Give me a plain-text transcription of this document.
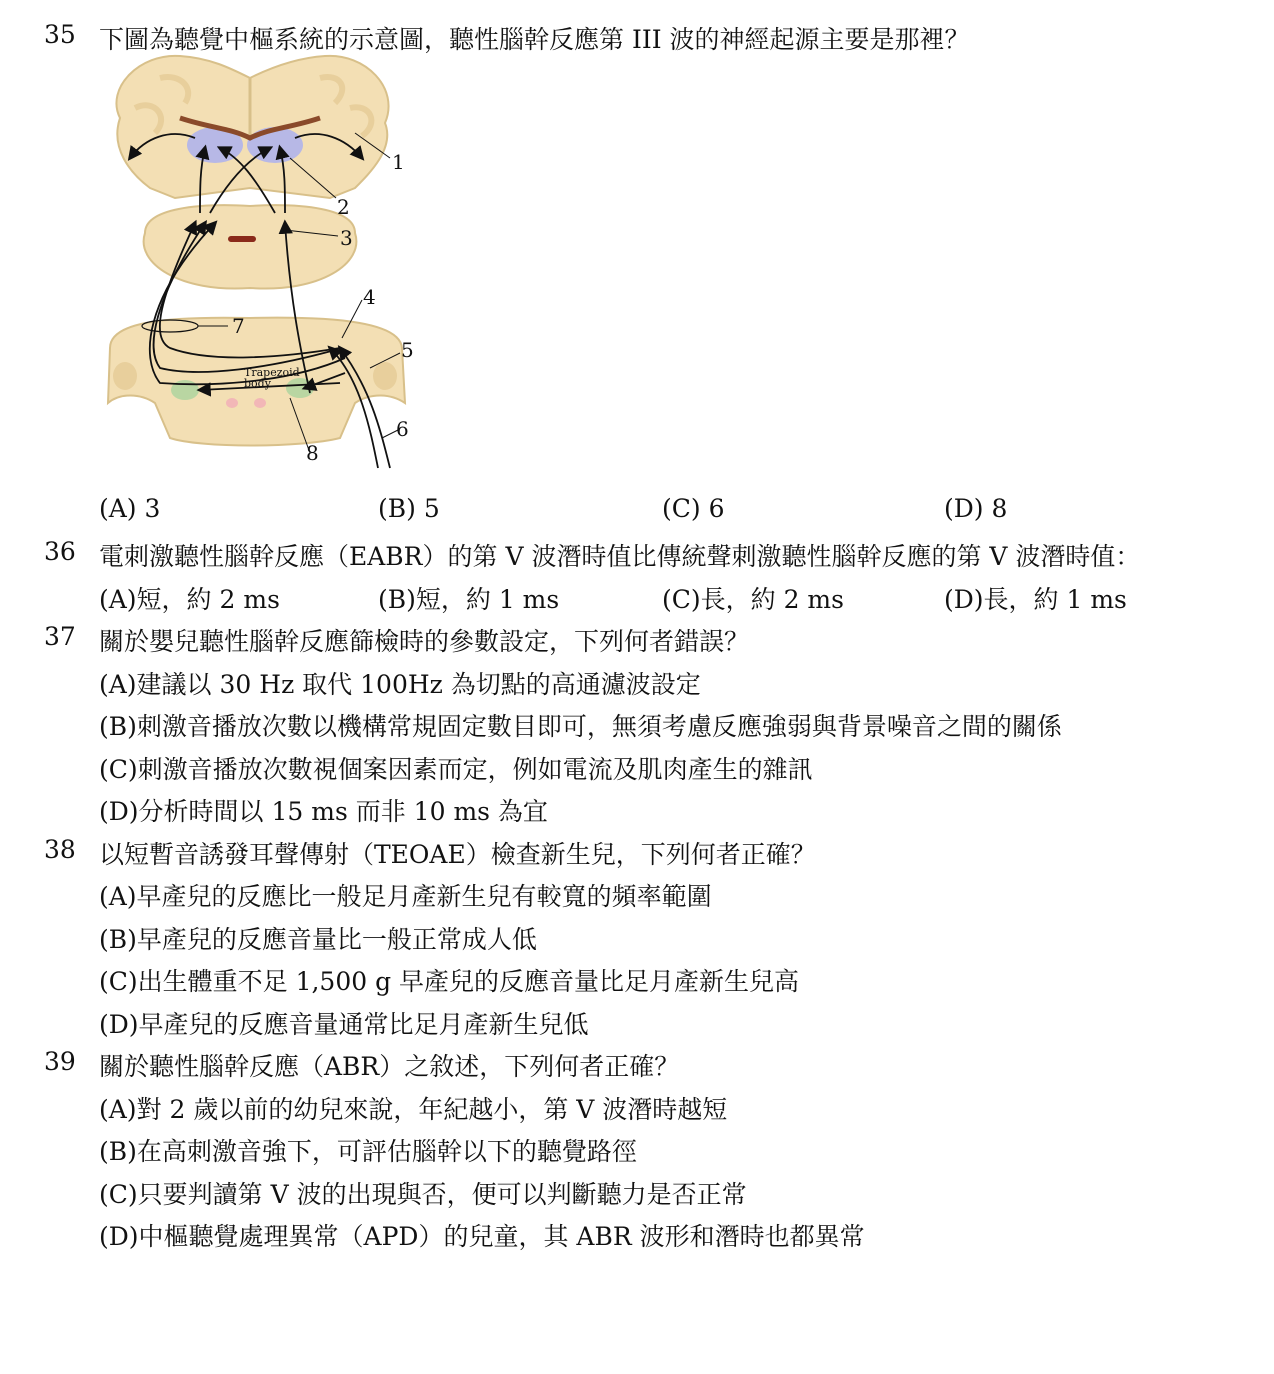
35 下圖為聽覺中樞系統的示意圖，聽性腦幹反應第 III 波的神經起源主要是那裡？
1
2
3
4
5
6
7
8
Trapezoid
body
(A) 3	(B) 5	(C) 6	(D) 8
36 電刺激聽性腦幹反應（EABR）的第 V 波潛時值比傳統聲刺激聽性腦幹反應的第 V 波潛時值：
(A)短，約 2 ms	(B)短，約 1 ms	(C)長，約 2 ms	(D)長，約 1 ms
37 關於嬰兒聽性腦幹反應篩檢時的參數設定，下列何者錯誤？
(A)建議以 30 Hz 取代 100Hz 為切點的高通濾波設定
(B)刺激音播放次數以機構常規固定數目即可，無須考慮反應強弱與背景噪音之間的關係
(C)刺激音播放次數視個案因素而定，例如電流及肌肉產生的雜訊
(D)分析時間以 15 ms 而非 10 ms 為宜
38 以短暫音誘發耳聲傳射（TEOAE）檢查新生兒，下列何者正確？
(A)早產兒的反應比一般足月產新生兒有較寬的頻率範圍
(B)早產兒的反應音量比一般正常成人低
(C)出生體重不足 1,500 g 早產兒的反應音量比足月產新生兒高
(D)早產兒的反應音量通常比足月產新生兒低
39 關於聽性腦幹反應（ABR）之敘述，下列何者正確？
(A)對 2 歲以前的幼兒來說，年紀越小，第 V 波潛時越短
(B)在高刺激音強下，可評估腦幹以下的聽覺路徑
(C)只要判讀第 V 波的出現與否，便可以判斷聽力是否正常
(D)中樞聽覺處理異常（APD）的兒童，其 ABR 波形和潛時也都異常
